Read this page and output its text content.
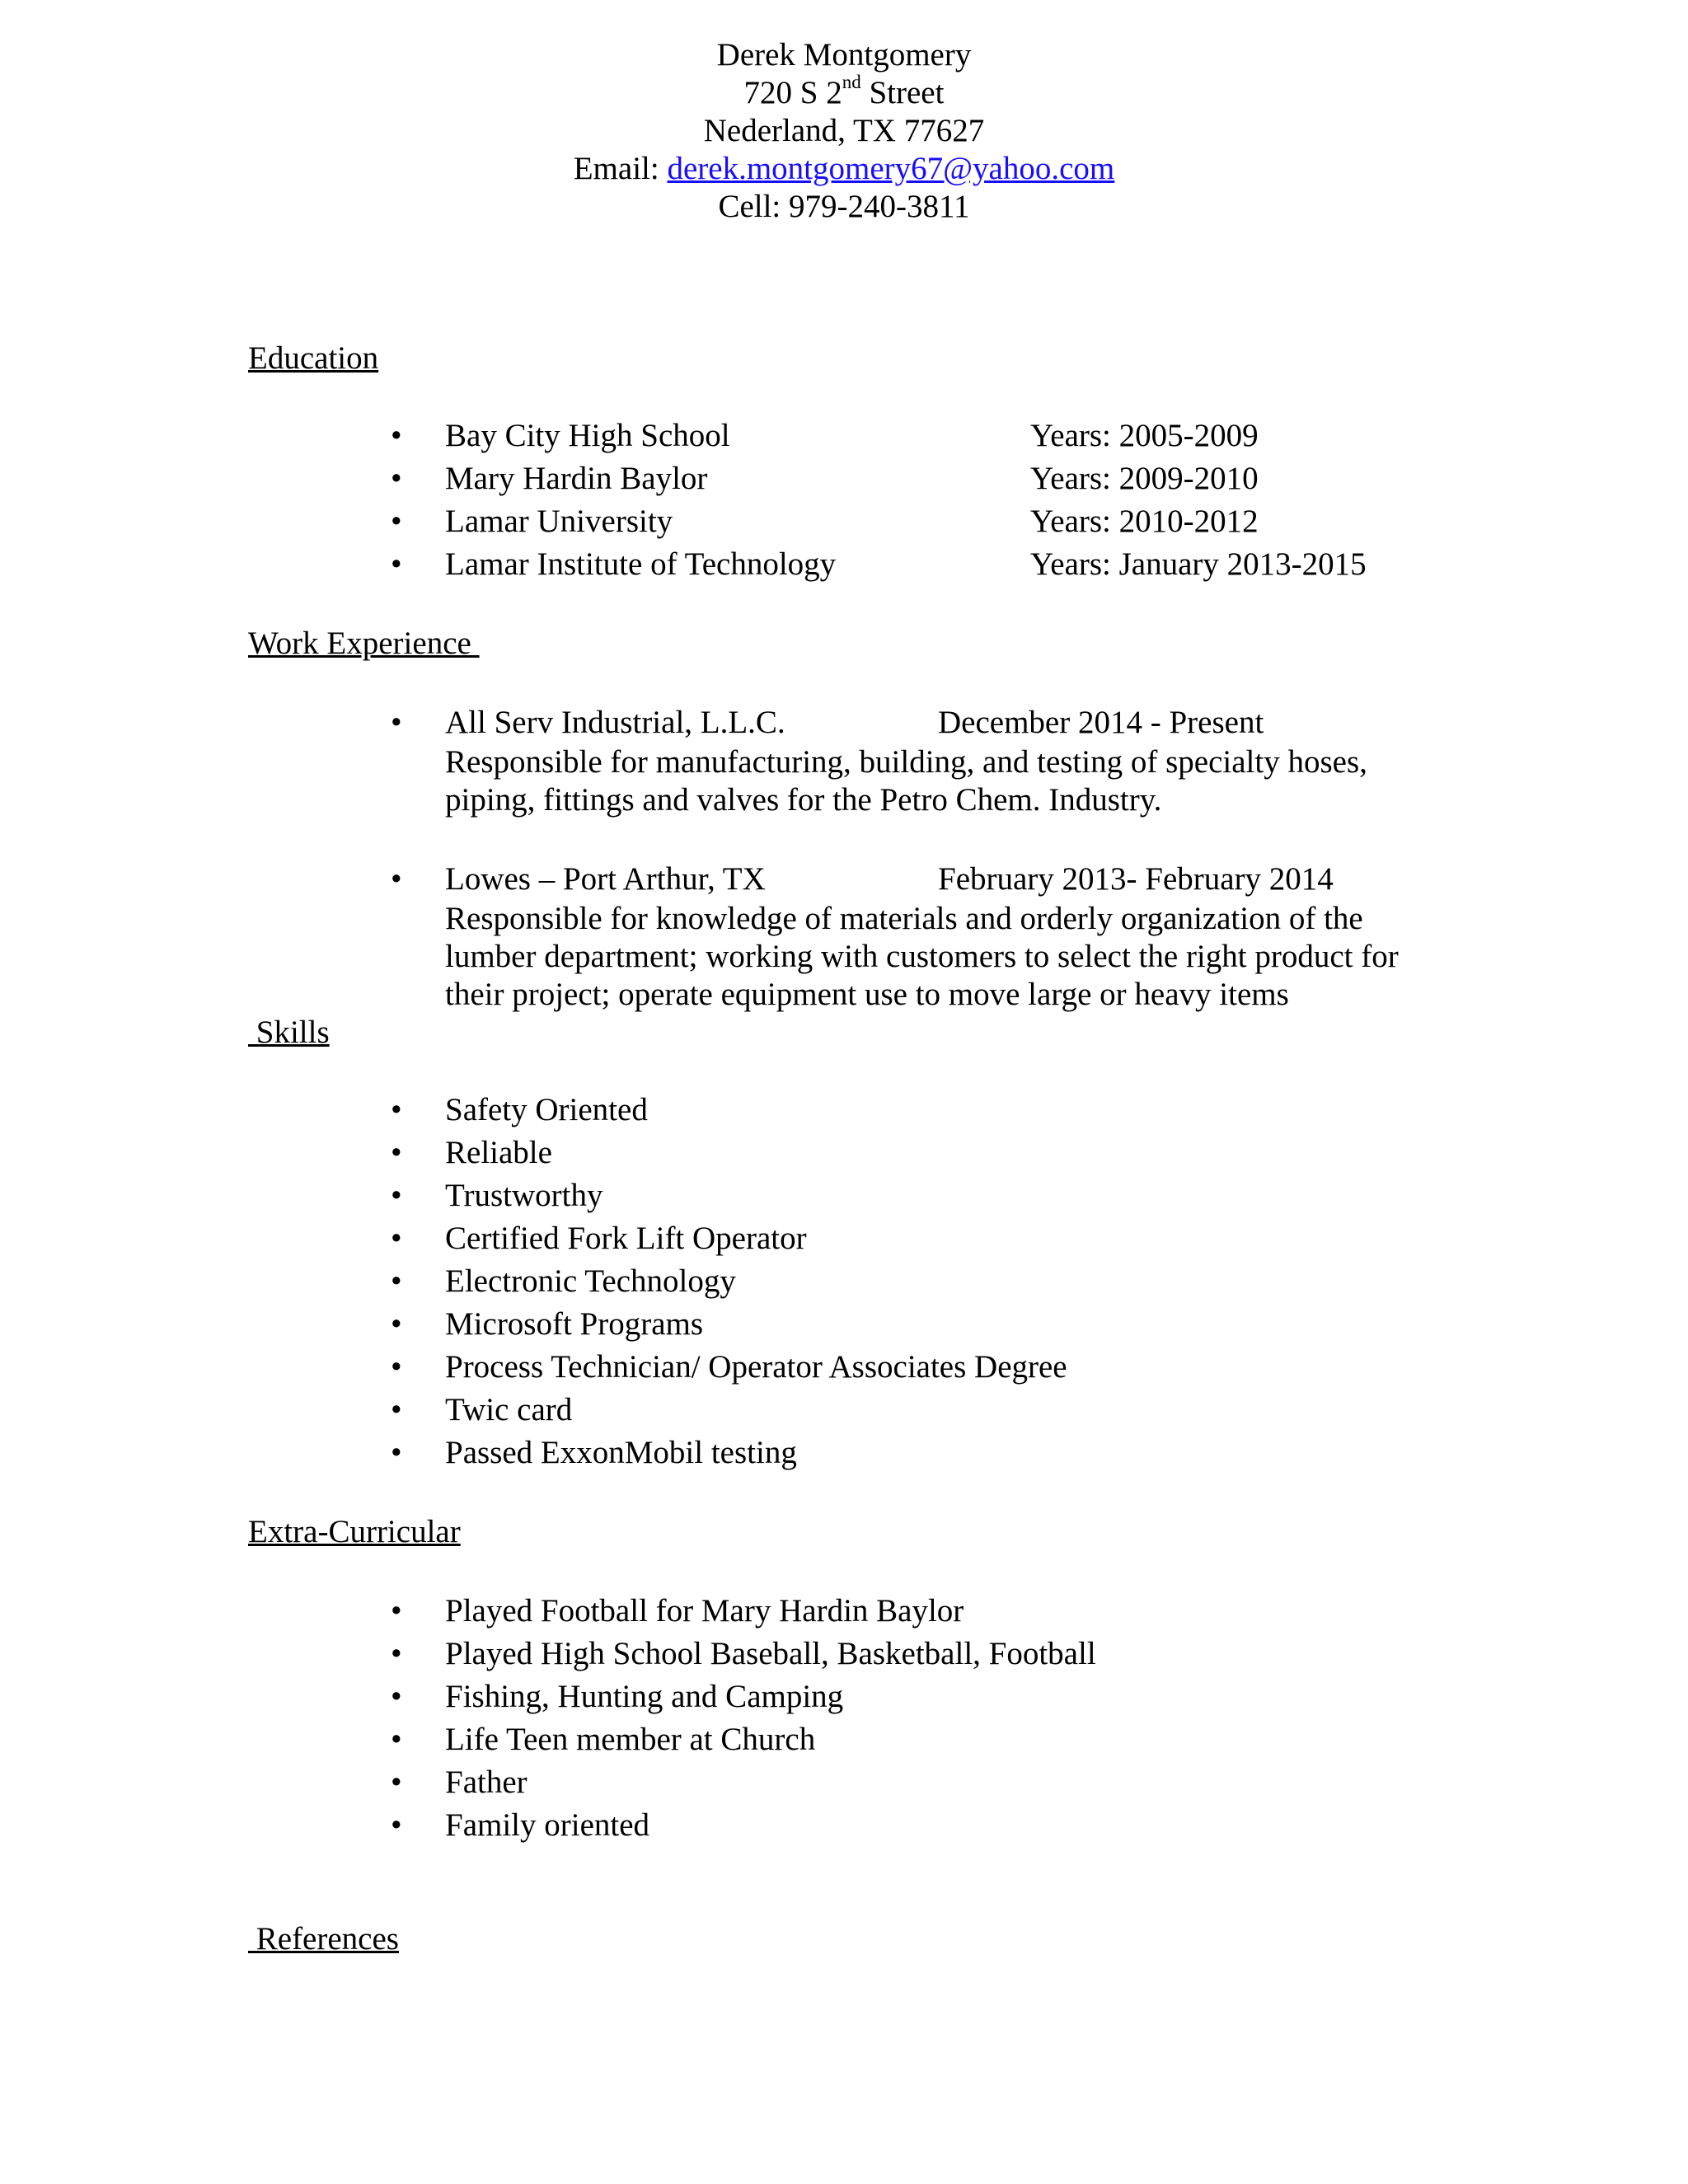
Derek Montgomery
720 S 2nd Street
Nederland, TX 77627
Email: derek.montgomery67@yahoo.com
Cell: 979-240-3811
Education
Bay City High School	Years: 2005-2009
Mary Hardin Baylor	Years: 2009-2010
Lamar University	Years: 2010-2012
Lamar Institute of Technology	Years: January 2013-2015
Work Experience
All Serv Industrial, L.L.C.	December 2014 - Present
Responsible for manufacturing, building, and testing of specialty hoses,
piping, fittings and valves for the Petro Chem. Industry.
Lowes – Port Arthur, TX	February 2013- February 2014
Responsible for knowledge of materials and orderly organization of the
lumber department; working with customers to select the right product for
their project; operate equipment use to move large or heavy items
Skills
Safety Oriented
Reliable
Trustworthy
Certified Fork Lift Operator
Electronic Technology
Microsoft Programs
Process Technician/ Operator Associates Degree
Twic card
Passed ExxonMobil testing
Extra-Curricular
Played Football for Mary Hardin Baylor
Played High School Baseball, Basketball, Football
Fishing, Hunting and Camping
Life Teen member at Church
Father
Family oriented
References
